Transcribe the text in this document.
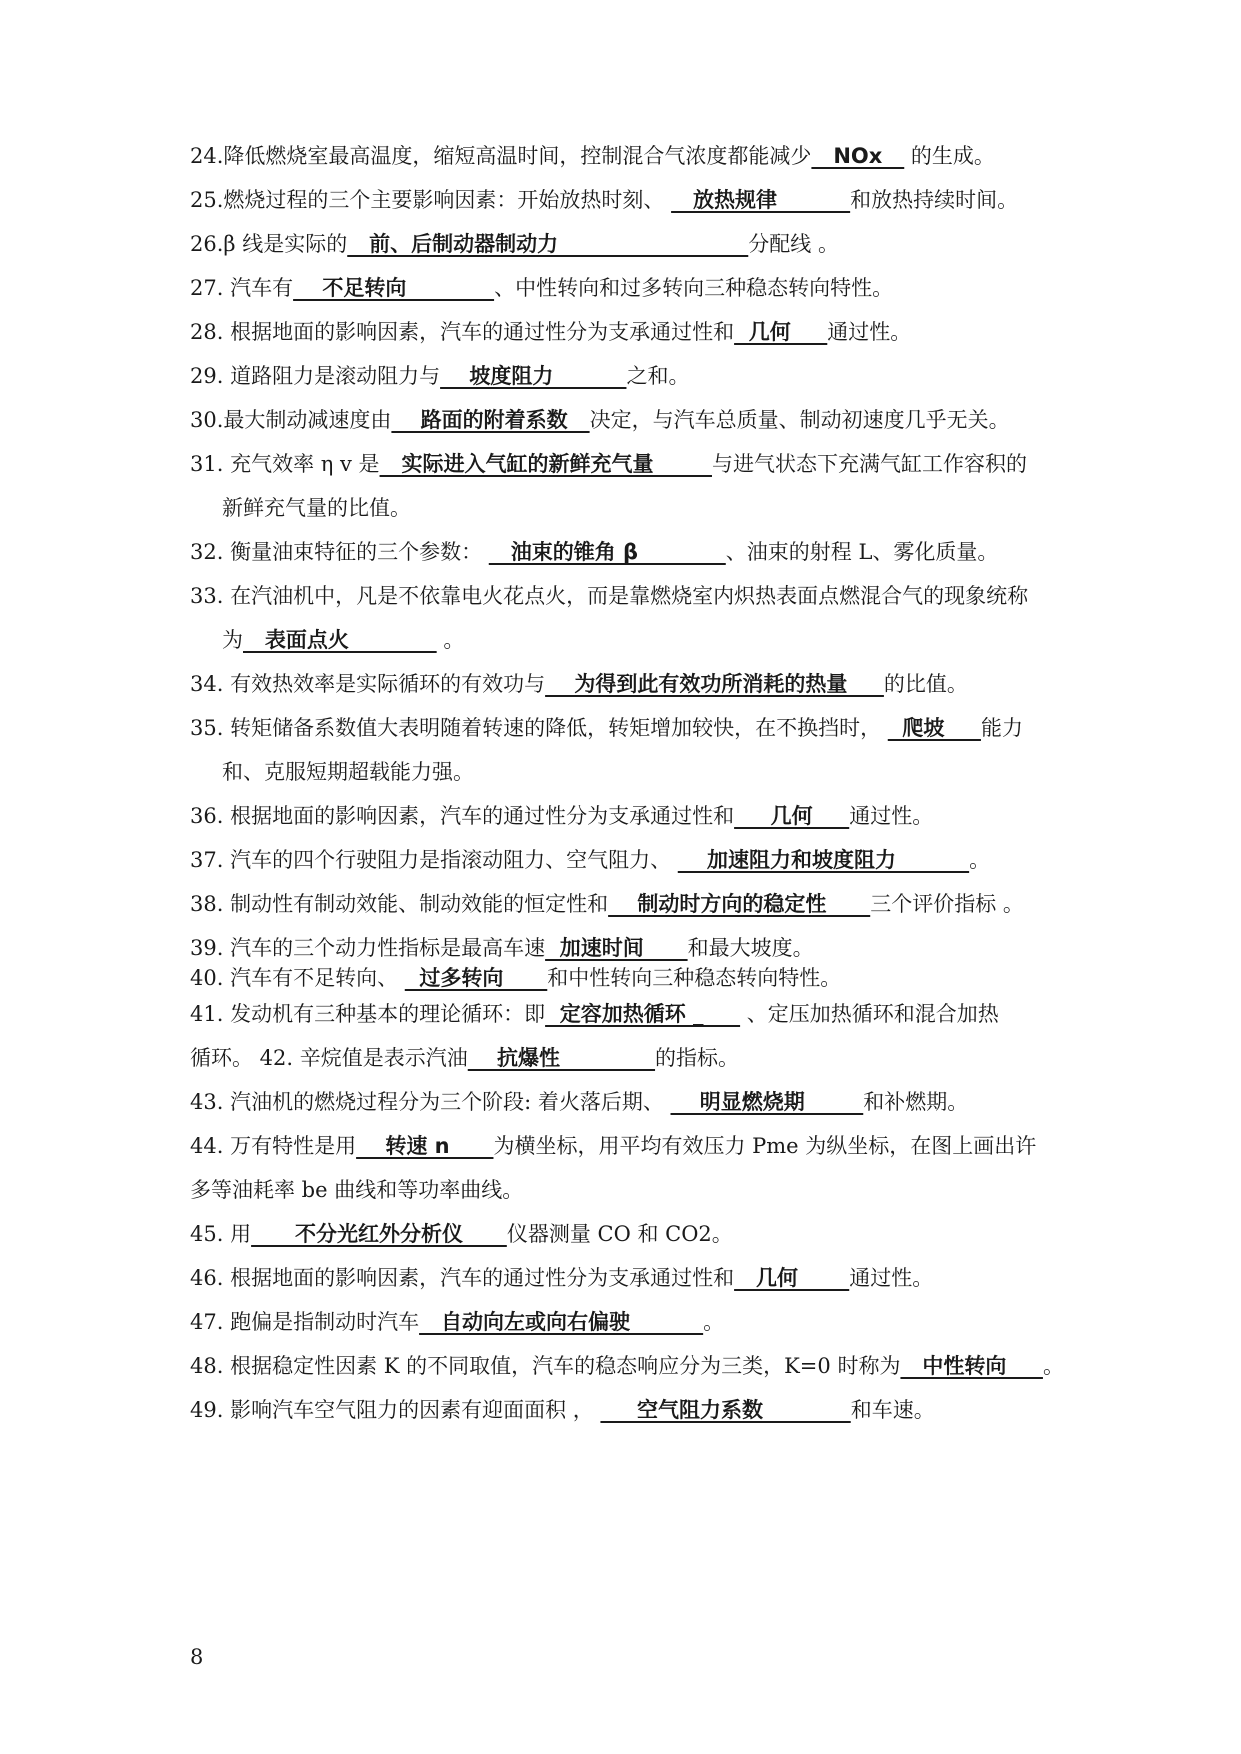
24.降低燃烧室最高温度，缩短高温时间，控制混合气浓度都能减少   NOx    的生成。
25.燃烧过程的三个主要影响因素：开始放热时刻、    放热规律          和放热持续时间。
26.β 线是实际的   前、后制动器制动力                          分配线 。
27. 汽车有    不足转向            、中性转向和过多转向三种稳态转向特性。
28. 根据地面的影响因素，汽车的通过性分为支承通过性和  几何     通过性。
29. 道路阻力是滚动阻力与    坡度阻力          之和。
30.最大制动减速度由    路面的附着系数   决定，与汽车总质量、制动初速度几乎无关。
31. 充气效率 η v 是   实际进入气缸的新鲜充气量        与进气状态下充满气缸工作容积的
新鲜充气量的比值。
32. 衡量油束特征的三个参数：    油束的锥角 β            、油束的射程 L、雾化质量。
33. 在汽油机中，凡是不依靠电火花点火，而是靠燃烧室内炽热表面点燃混合气的现象统称
为   表面点火             。
34. 有效热效率是实际循环的有效功与    为得到此有效功所消耗的热量     的比值。
35. 转矩储备系数值大表明随着转速的降低，转矩增加较快，在不换挡时，   爬坡     能力
和、克服短期超载能力强。
36. 根据地面的影响因素，汽车的通过性分为支承通过性和     几何     通过性。
37. 汽车的四个行驶阻力是指滚动阻力、空气阻力、     加速阻力和坡度阻力          。
38. 制动性有制动效能、制动效能的恒定性和    制动时方向的稳定性      三个评价指标 。
39. 汽车的三个动力性指标是最高车速  加速时间      和最大坡度。
40. 汽车有不足转向、   过多转向      和中性转向三种稳态转向特性。
41. 发动机有三种基本的理论循环：即  定容加热循环 _      、定压加热循环和混合加热
循环。 42. 辛烷值是表示汽油    抗爆性             的指标。
43. 汽油机的燃烧过程分为三个阶段: 着火落后期、     明显燃烧期        和补燃期。
44. 万有特性是用    转速 n      为横坐标，用平均有效压力 Pme 为纵坐标，在图上画出许
多等油耗率 be 曲线和等功率曲线。
45. 用      不分光红外分析仪      仪器测量 CO 和 CO2。
46. 根据地面的影响因素，汽车的通过性分为支承通过性和   几何       通过性。
47. 跑偏是指制动时汽车   自动向左或向右偏驶          。
48. 根据稳定性因素 K 的不同取值，汽车的稳态响应分为三类，K=0 时称为   中性转向     。
49. 影响汽车空气阻力的因素有迎面面积 ，      空气阻力系数            和车速。
8
